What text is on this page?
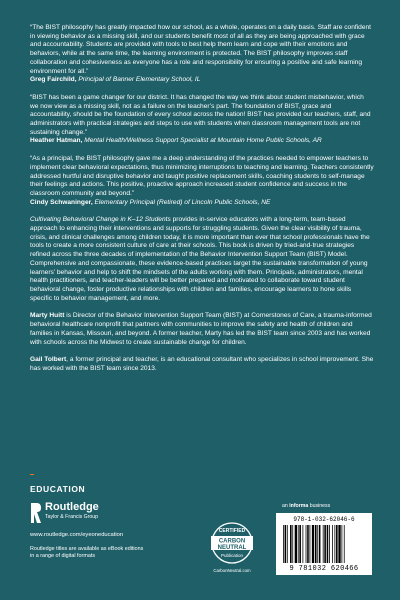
“The BIST philosophy has greatly impacted how our school, as a whole, operates on a daily basis. Staff are confident in viewing behavior as a missing skill, and our students benefit most of all as they are being approached with grace and accountability. Students are provided with tools to best help them learn and cope with their emotions and behaviors, while at the same time, the learning environment is protected. The BIST philosophy improves staff collaboration and cohesiveness as everyone has a role and responsibility for ensuring a positive and safe learning environment for all.”

Greg Fairchild, Principal of Banner Elementary School, IL

“BIST has been a game changer for our district. It has changed the way we think about student misbehavior, which we now view as a missing skill, not as a failure on the teacher’s part. The foundation of BIST, grace and accountability, should be the foundation of every school across the nation! BIST has provided our teachers, staff, and administrators with practical strategies and steps to use with students when classroom management tools are not sustaining change.”

Heather Hatman, Mental Health/Wellness Support Specialist at Mountain Home Public Schools, AR

“As a principal, the BIST philosophy gave me a deep understanding of the practices needed to empower teachers to implement clear behavioral expectations, thus minimizing interruptions to teaching and learning. Teachers consistently addressed hurtful and disruptive behavior and taught positive replacement skills, coaching students to self-manage their feelings and actions. This positive, proactive approach increased student confidence and success in the classroom community and beyond.”

Cindy Schwaninger, Elementary Principal (Retired) of Lincoln Public Schools, NE

Cultivating Behavioral Change in K–12 Students provides in-service educators with a long-term, team-based approach to enhancing their interventions and supports for struggling students. Given the clear visibility of trauma, crisis, and clinical challenges among children today, it is more important than ever that school professionals have the tools to create a more consistent culture of care at their schools. This book is driven by tried-and-true strategies refined across the three decades of implementation of the Behavior Intervention Support Team (BIST) Model. Comprehensive and compassionate, these evidence-based practices target the sustainable transformation of young learners’ behavior and help to shift the mindsets of the adults working with them. Principals, administrators, mental health practitioners, and teacher-leaders will be better prepared and motivated to collaborate toward student behavioral change, foster productive relationships with children and families, encourage learners to hone skills specific to behavior management, and more.

Marty Huitt is Director of the Behavior Intervention Support Team (BIST) at Cornerstones of Care, a trauma-informed behavioral healthcare nonprofit that partners with communities to improve the safety and health of children and families in Kansas, Missouri, and beyond. A former teacher, Marty has led the BIST team since 2003 and has worked with schools across the Midwest to create sustainable change for children.

Gail Tolbert, a former principal and teacher, is an educational consultant who specializes in school improvement. She has worked with the BIST team since 2013.

EDUCATION
Routledge
Taylor & Francis Group
www.routledge.com/eyeoneducation
Routledge titles are available as eBook editions
in a range of digital formats
an informa business
CERTIFIED
CARBON
NEUTRAL
Publication
CarbonNeutral.com
978-1-032-62046-6
9 781032 620466
